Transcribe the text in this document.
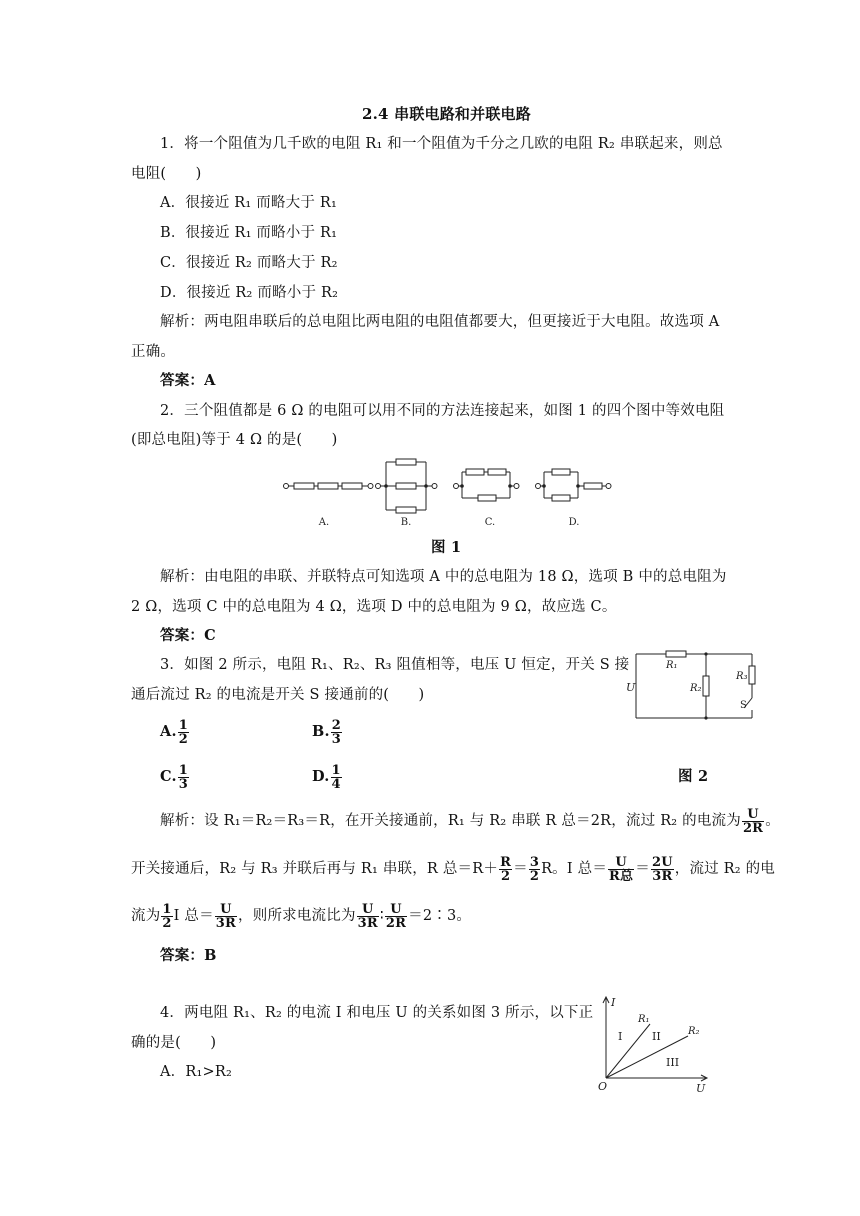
2.4 串联电路和并联电路
1．将一个阻值为几千欧的电阻 R₁ 和一个阻值为千分之几欧的电阻 R₂ 串联起来，则总
电阻(　　)
A．很接近 R₁ 而略大于 R₁
B．很接近 R₁ 而略小于 R₁
C．很接近 R₂ 而略大于 R₂
D．很接近 R₂ 而略小于 R₂
解析：两电阻串联后的总电阻比两电阻的电阻值都要大，但更接近于大电阻。故选项 A
正确。
答案：A
2．三个阻值都是 6 Ω 的电阻可以用不同的方法连接起来，如图 1 的四个图中等效电阻
(即总电阻)等于 4 Ω 的是(　　)
A.	B.	C.	D.
图 1
解析：由电阻的串联、并联特点可知选项 A 中的总电阻为 18 Ω，选项 B 中的总电阻为
2 Ω，选项 C 中的总电阻为 4 Ω，选项 D 中的总电阻为 9 Ω，故应选 C。
答案：C
3．如图 2 所示，电阻 R₁、R₂、R₃ 阻值相等，电压 U 恒定，开关 S 接
通后流过 R₂ 的电流是开关 S 接通前的(　　)
R₁
R₂
R₃
U
S
A. $\frac{1}{2}$	B. $\frac{2}{3}$
C. $\frac{1}{3}$	D. $\frac{1}{4}$	图 2
解析：设 R₁＝R₂＝R₃＝R，在开关接通前，R₁ 与 R₂ 串联 R 总＝2R，流过 R₂ 的电流为 $\frac{U}{2R}$ 。
开关接通后，R₂ 与 R₃ 并联后再与 R₁ 串联，R 总$=R+ \frac{R}{2} = \frac{3}{2}$ R。I 总＝ $\frac{U}{\text{R总}} = \frac{2U}{3R}$ ，流过 R₂ 的电
流为 $\frac{1}{2}$ I 总＝ $\frac{U}{3R}$ ，则所求电流比为 $\frac{U}{3R}$ ∶ $\frac{U}{2R}$ ＝2∶3。
答案：B
4．两电阻 R₁、R₂ 的电流 I 和电压 U 的关系如图 3 所示，以下正
确的是(　　)
A．R₁>R₂
I
U
O
R₁
R₂
I	II
III
